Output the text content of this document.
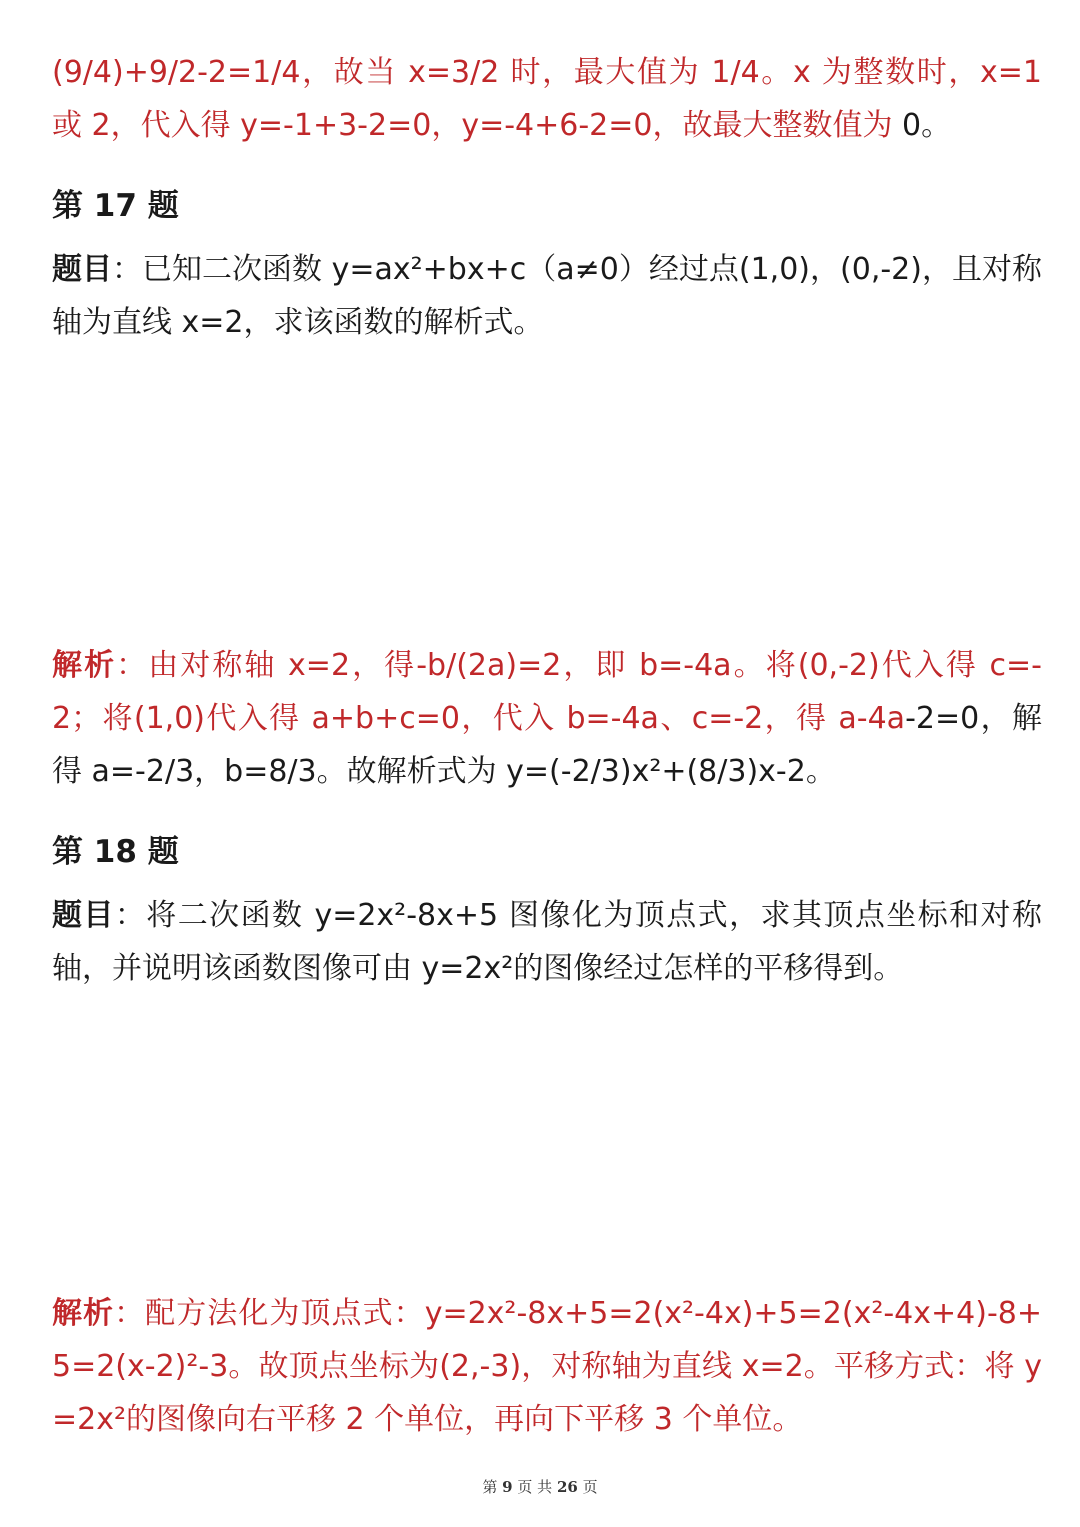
(9/4)+9/2-2=1/4，故当 x=3/2 时，最大值为 1/4。x 为整数时，x=1 或 2，代入得 y=-1+3-2=0，y=-4+6-2=0，故最大整数值为 0。

第 17 题

题目：已知二次函数 y=ax²+bx+c（a≠0）经过点(1,0)，(0,-2)，且对称轴为直线 x=2，求该函数的解析式。

解析：由对称轴 x=2，得-b/(2a)=2，即 b=-4a。将(0,-2)代入得 c=-2；将(1,0)代入得 a+b+c=0，代入 b=-4a、c=-2，得 a-4a-2=0，解得 a=-2/3，b=8/3。故解析式为 y=(-2/3)x²+(8/3)x-2。

第 18 题

题目：将二次函数 y=2x²-8x+5 图像化为顶点式，求其顶点坐标和对称轴，并说明该函数图像可由 y=2x²的图像经过怎样的平移得到。

解析：配方法化为顶点式：y=2x²-8x+5=2(x²-4x)+5=2(x²-4x+4)-8+5=2(x-2)²-3。故顶点坐标为(2,-3)，对称轴为直线 x=2。平移方式：将 y=2x²的图像向右平移 2 个单位，再向下平移 3 个单位。

第 9 页 共 26 页
